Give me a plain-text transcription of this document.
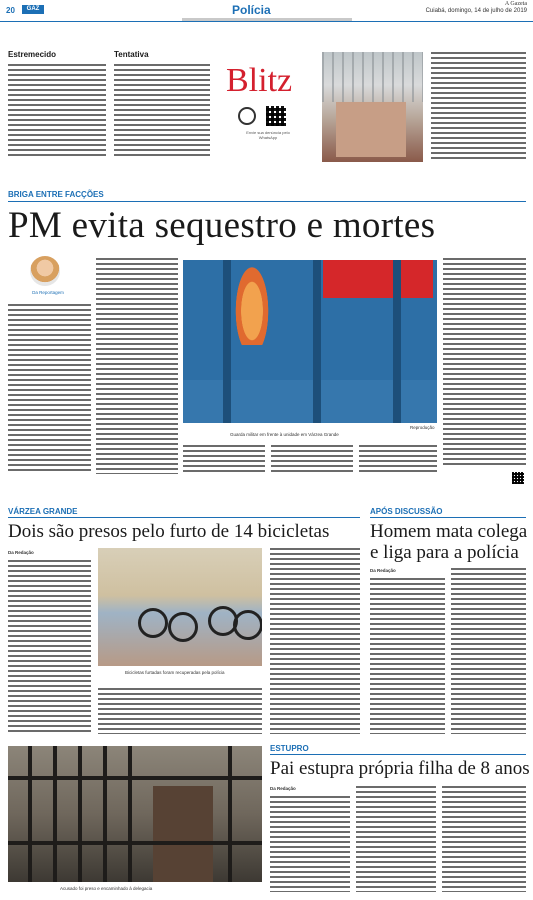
20	GAZ	Polícia	A Gazeta
Cuiabá, domingo, 14 de julho de 2019
Estremecido	Tentativa
Blitz
Envie sua denúncia pelo WhatsApp
BRIGA ENTRE FACÇÕES
PM evita sequestro e mortes
Da Reportagem
Reprodução
Guarda militar em frente à unidade em Várzea Grande
VÁRZEA GRANDE
Dois são presos pelo furto de 14 bicicletas
Da Redação
Bicicletas furtadas foram recuperadas pela polícia
APÓS DISCUSSÃO
Homem mata colega
e liga para a polícia
Da Redação
Acusado foi preso e encaminhado à delegacia
ESTUPRO
Pai estupra própria filha de 8 anos
Da Redação
